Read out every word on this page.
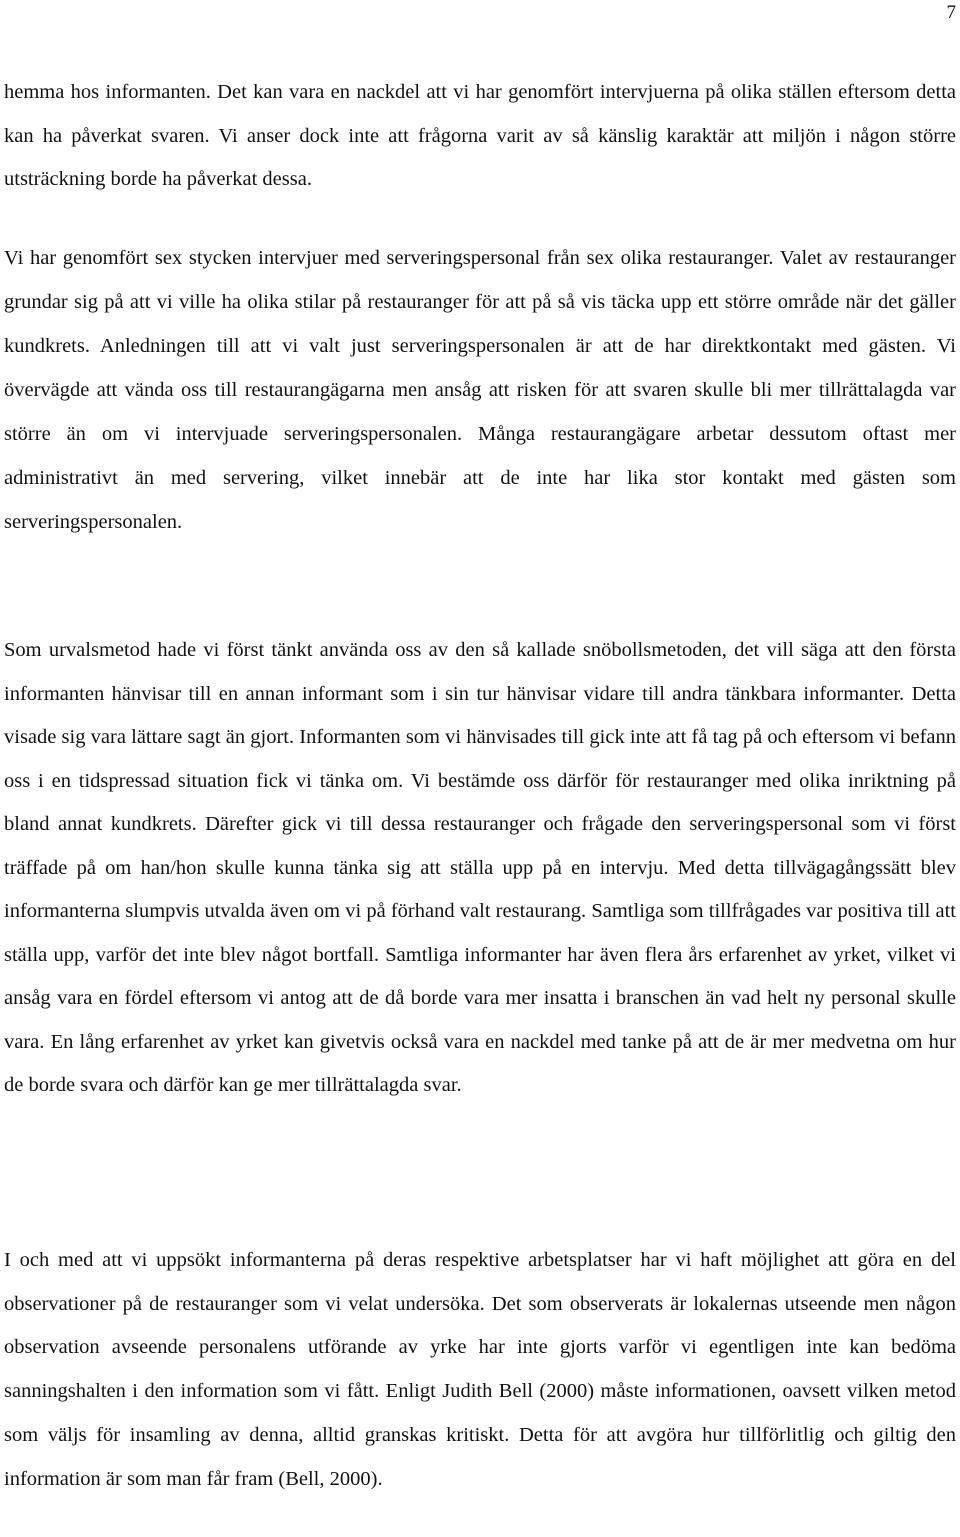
7

hemma hos informanten. Det kan vara en nackdel att vi har genomfört intervjuerna på olika ställen eftersom detta kan ha påverkat svaren. Vi anser dock inte att frågorna varit av så känslig karaktär att miljön i någon större utsträckning borde ha påverkat dessa.

Vi har genomfört sex stycken intervjuer med serveringspersonal från sex olika restauranger. Valet av restauranger grundar sig på att vi ville ha olika stilar på restauranger för att på så vis täcka upp ett större område när det gäller kundkrets. Anledningen till att vi valt just serveringspersonalen är att de har direktkontakt med gästen. Vi övervägde att vända oss till restaurangägarna men ansåg att risken för att svaren skulle bli mer tillrättalagda var större än om vi intervjuade serveringspersonalen. Många restaurangägare arbetar dessutom oftast mer administrativt än med servering, vilket innebär att de inte har lika stor kontakt med gästen som serveringspersonalen.

Som urvalsmetod hade vi först tänkt använda oss av den så kallade snöbollsmetoden, det vill säga att den första informanten hänvisar till en annan informant som i sin tur hänvisar vidare till andra tänkbara informanter. Detta visade sig vara lättare sagt än gjort. Informanten som vi hänvisades till gick inte att få tag på och eftersom vi befann oss i en tidspressad situation fick vi tänka om. Vi bestämde oss därför för restauranger med olika inriktning på bland annat kundkrets. Därefter gick vi till dessa restauranger och frågade den serveringspersonal som vi först träffade på om han/hon skulle kunna tänka sig att ställa upp på en intervju. Med detta tillvägagångssätt blev informanterna slumpvis utvalda även om vi på förhand valt restaurang. Samtliga som tillfrågades var positiva till att ställa upp, varför det inte blev något bortfall. Samtliga informanter har även flera års erfarenhet av yrket, vilket vi ansåg vara en fördel eftersom vi antog att de då borde vara mer insatta i branschen än vad helt ny personal skulle vara. En lång erfarenhet av yrket kan givetvis också vara en nackdel med tanke på att de är mer medvetna om hur de borde svara och därför kan ge mer tillrättalagda svar.

I och med att vi uppsökt informanterna på deras respektive arbetsplatser har vi haft möjlighet att göra en del observationer på de restauranger som vi velat undersöka. Det som observerats är lokalernas utseende men någon observation avseende personalens utförande av yrke har inte gjorts varför vi egentligen inte kan bedöma sanningshalten i den information som vi fått. Enligt Judith Bell (2000) måste informationen, oavsett vilken metod som väljs för insamling av denna, alltid granskas kritiskt. Detta för att avgöra hur tillförlitlig och giltig den information är som man får fram (Bell, 2000).
